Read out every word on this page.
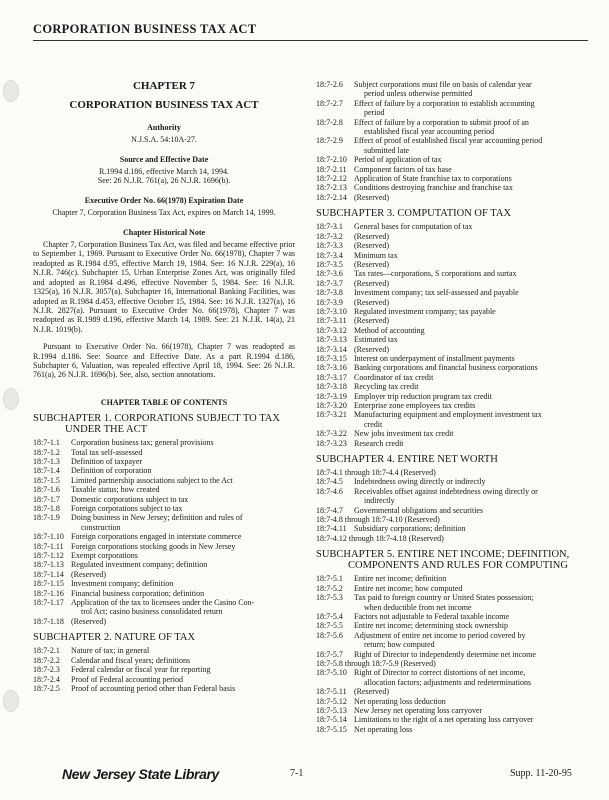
CORPORATION BUSINESS TAX ACT
CHAPTER 7
CORPORATION BUSINESS TAX ACT
Authority
N.J.S.A. 54:10A-27.
Source and Effective Date
R.1994 d.186, effective March 14, 1994.
See: 26 N.J.R. 761(a), 26 N.J.R. 1696(b).
Executive Order No. 66(1978) Expiration Date
Chapter 7, Corporation Business Tax Act, expires on March 14, 1999.
Chapter Historical Note
Chapter 7, Corporation Business Tax Act, was filed and became effective prior to September 1, 1969. Pursuant to Executive Order No. 66(1978), Chapter 7 was readopted as R.1984 d.95, effective March 19, 1984. See: 16 N.J.R. 229(a), 16 N.J.R. 746(c). Subchapter 15, Urban Enterprise Zones Act, was originally filed and adopted as R.1984 d.496, effective November 5, 1984. See: 16 N.J.R. 1325(a), 16 N.J.R. 3057(a). Subchapter 16, International Banking Facilities, was adopted as R.1984 d.453, effective October 15, 1984. See: 16 N.J.R. 1327(a), 16 N.J.R. 2827(a). Pursuant to Executive Order No. 66(1978), Chapter 7 was readopted as R.1989 d.196, effective March 14, 1989. See: 21 N.J.R. 14(a), 21 N.J.R. 1019(b).
Pursuant to Executive Order No. 66(1978), Chapter 7 was readopted as R.1994 d.186. See: Source and Effective Date. As a part R.1994 d.186, Subchapter 6, Valuation, was repealed effective April 18, 1994. See: 26 N.J.R. 761(a), 26 N.J.R. 1696(b). See, also, section annotations.
CHAPTER TABLE OF CONTENTS
SUBCHAPTER 1. CORPORATIONS SUBJECT TO TAX
UNDER THE ACT
18:7-1.1	Corporation business tax; general provisions
18:7-1.2	Total tax self-assessed
18:7-1.3	Definition of taxpayer
18:7-1.4	Definition of corporation
18:7-1.5	Limited partnership associations subject to the Act
18:7-1.6	Taxable status; how created
18:7-1.7	Domestic corporations subject to tax
18:7-1.8	Foreign corporations subject to tax
18:7-1.9	Doing business in New Jersey; definition and rules of
construction
18:7-1.10 Foreign corporations engaged in interstate commerce
18:7-1.11 Foreign corporations stocking goods in New Jersey
18:7-1.12 Exempt corporations
18:7-1.13 Regulated investment company; definition
18:7-1.14 (Reserved)
18:7-1.15 Investment company; definition
18:7-1.16 Financial business corporation; definition
18:7-1.17 Application of the tax to licensees under the Casino Con-
trol Act; casino business consolidated return
18:7-1.18 (Reserved)
SUBCHAPTER 2. NATURE OF TAX
18:7-2.1	Nature of tax; in general
18:7-2.2	Calendar and fiscal years; definitions
18:7-2.3	Federal calendar or fiscal year for reporting
18:7-2.4	Proof of Federal accounting period
18:7-2.5	Proof of accounting period other than Federal basis
18:7-2.6	Subject corporations must file on basis of calendar year
period unless otherwise permitted
18:7-2.7	Effect of failure by a corporation to establish accounting
period
18:7-2.8	Effect of failure by a corporation to submit proof of an
established fiscal year accounting period
18:7-2.9	Effect of proof of established fiscal year accounting period
submitted late
18:7-2.10 Period of application of tax
18:7-2.11 Component factors of tax base
18:7-2.12 Application of State franchise tax to corporations
18:7-2.13 Conditions destroying franchise and franchise tax
18:7-2.14 (Reserved)
SUBCHAPTER 3. COMPUTATION OF TAX
18:7-3.1	General bases for computation of tax
18:7-3.2	(Reserved)
18:7-3.3	(Reserved)
18:7-3.4	Minimum tax
18:7-3.5	(Reserved)
18:7-3.6	Tax rates—corporations, S corporations and surtax
18:7-3.7	(Reserved)
18:7-3.8	Investment company; tax self-assessed and payable
18:7-3.9	(Reserved)
18:7-3.10 Regulated investment company; tax payable
18:7-3.11 (Reserved)
18:7-3.12 Method of accounting
18:7-3.13 Estimated tax
18:7-3.14 (Reserved)
18:7-3.15 Interest on underpayment of installment payments
18:7-3.16 Banking corporations and financial business corporations
18:7-3.17 Coordinator of tax credit
18:7-3.18 Recycling tax credit
18:7-3.19 Employer trip reduction program tax credit
18:7-3.20 Enterprise zone employees tax credits
18:7-3.21 Manufacturing equipment and employment investment tax
credit
18:7-3.22 New jobs investment tax credit
18:7-3.23 Research credit
SUBCHAPTER 4. ENTIRE NET WORTH
18:7-4.1 through 18:7-4.4 (Reserved)
18:7-4.5	Indebtedness owing directly or indirectly
18:7-4.6	Receivables offset against indebtedness owing directly or
indirectly
18:7-4.7	Governmental obligations and securities
18:7-4.8 through 18:7-4.10 (Reserved)
18:7-4.11 Subsidiary corporations; definition
18:7-4.12 through 18:7-4.18 (Reserved)
SUBCHAPTER 5. ENTIRE NET INCOME; DEFINITION,
COMPONENTS AND RULES FOR COMPUTING
18:7-5.1	Entire net income; definition
18:7-5.2	Entire net income; how computed
18:7-5.3	Tax paid to foreign country or United States possession;
when deductible from net income
18:7-5.4	Factors not adjustable to Federal taxable income
18:7-5.5	Entire net income; determining stock ownership
18:7-5.6	Adjustment of entire net income to period covered by
return; how computed
18:7-5.7	Right of Director to independently determine net income
18:7-5.8 through 18:7-5.9 (Reserved)
18:7-5.10 Right of Director to correct distortions of net income,
allocation factors; adjustments and redeterminations
18:7-5.11 (Reserved)
18:7-5.12 Net operating loss deduction
18:7-5.13 New Jersey net operating loss carryover
18:7-5.14 Limitations to the right of a net operating loss carryover
18:7-5.15 Net operating loss
New Jersey State Library	7-1	Supp. 11-20-95
